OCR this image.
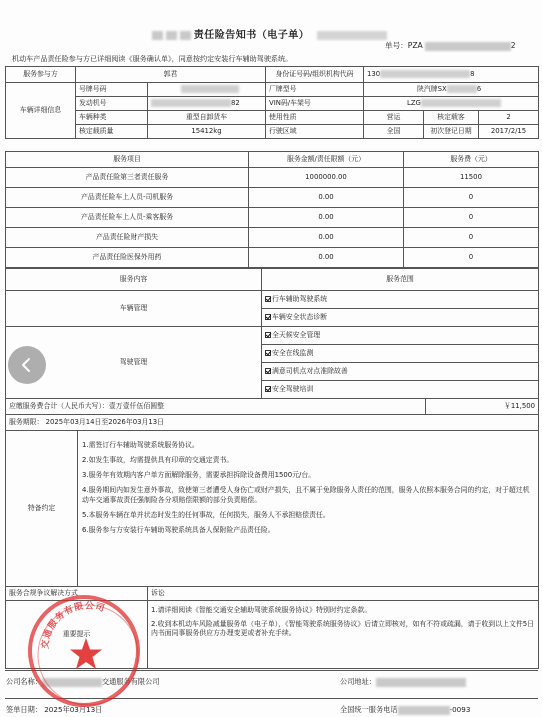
责任险告知书（电子单）
单号：PZA	2
机动车产品责任险参与方已详细阅读《服务确认单》，同意按约定安装行车辅助驾驶系统。
服务参与方	郭君		身份证号码/组织机构代码	130 8		
车辆详细信息	号牌号码		厂牌型号	陕汽牌SX 6		
	发动机号	82	VIN码/车架号	LZG		
	车辆种类	重型自卸货车	使用性质	营运	核定载客	2
	核定载质量	15412kg	行驶区域	全国	初次登记日期	2017/2/15
服务项目	服务金额/责任限额（元）	服务费（元）
产品责任险第三者责任服务	1000000.00	11500
产品责任险车上人员-司机服务	0.00	0
产品责任险车上人员-乘客服务	0.00	0
产品责任险财产损失	0.00	0
产品责任险医保外用药	0.00	0
服务内容	服务范围
车辆管理	行车辅助驾驶系统
	车辆安全状态诊断
驾驶管理	全天候安全管理
	安全在线监测
	满意司机点对点准除故善
	安全驾驶培训
应缴服务费合计（人民币大写）：壹万壹仟伍佰圆整	￥11,500
服务期限： 2025年03月14日至2026年03月13日
特备约定	

1.需签订行车辅助驾驶系统服务协议。

2.如发生事故，均需提供具有印章的交通定责书。

3.服务年有效期内客户单方面解除服务，需要承担拆除设备费用1500元/台。

4.服务期间内如发生意外事故，致使第三者遭受人身伤亡或财产损失，且不属于免除服务人责任的范围，服务人依照本服务合同的约定，对于超过机动车交通事故责任强制险各分项赔偿限额的部分负责赔偿。

5.本服务车辆在单并状态时发生的任何事故，任何损失，服务人不承担赔偿责任。

6.服务参与方安装行车辅助驾驶系统具备人保附险产品责任险。

服务合规争议解决方式	诉讼
重要提示	1.请详细阅读《智能交通安全辅助驾驶系统服务协议》特别时约定条款。

2.收到本机动车风险减量服务单（电子单），《智能驾驶系统服务协议》后请立即核对，如有不符或疏漏，请于收到以上文件5日内书面同事服务供应方办理变更或者补充手续。

公司名称：	交通服务有限公司	公司地址：
签单日期： 2025年03月13日	全国统一服务电话	-0093
交通服务有限公司
